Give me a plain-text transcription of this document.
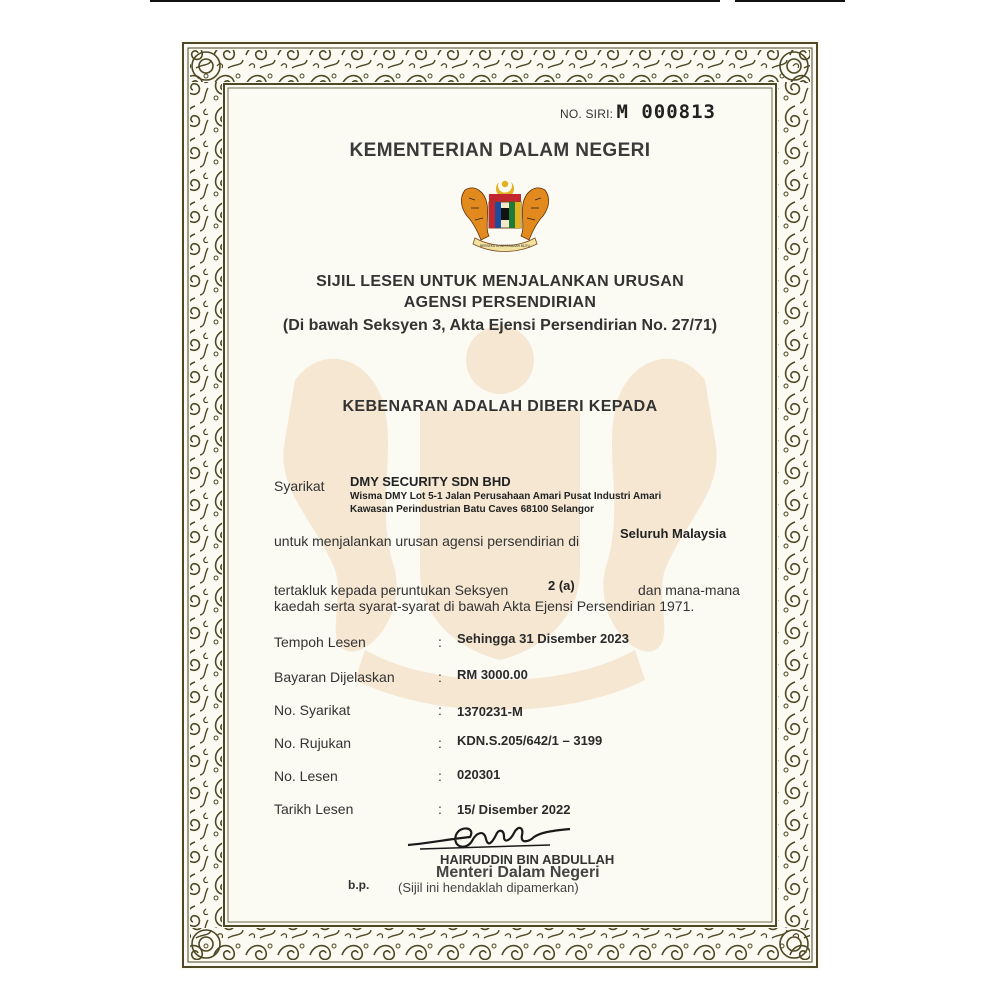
NO. SIRI: M 000813
KEMENTERIAN DALAM NEGERI
BERSEKUTU BERTAMBAH MUTU
SIJIL LESEN UNTUK MENJALANKAN URUSAN
AGENSI PERSENDIRIAN
(Di bawah Seksyen 3, Akta Ejensi Persendirian No. 27/71)
KEBENARAN ADALAH DIBERI KEPADA
Syarikat DMY SECURITY SDN BHD
Wisma DMY Lot 5-1 Jalan Perusahaan Amari Pusat Industri Amari
Kawasan Perindustrian Batu Caves 68100 Selangor
untuk menjalankan urusan agensi persendirian di	Seluruh Malaysia
tertakluk kepada peruntukan Seksyen	2 (a)	dan mana-mana
kaedah serta syarat-syarat di bawah Akta Ejensi Persendirian 1971.
Tempoh Lesen	: Sehingga 31 Disember 2023
Bayaran Dijelaskan	: RM 3000.00
No. Syarikat	: 1370231-M
No. Rujukan	: KDN.S.205/642/1 – 3199
No. Lesen	: 020301
Tarikh Lesen	: 15/ Disember 2022
HAIRUDDIN BIN ABDULLAH
Menteri Dalam Negeri
b.p. (Sijil ini hendaklah dipamerkan)
